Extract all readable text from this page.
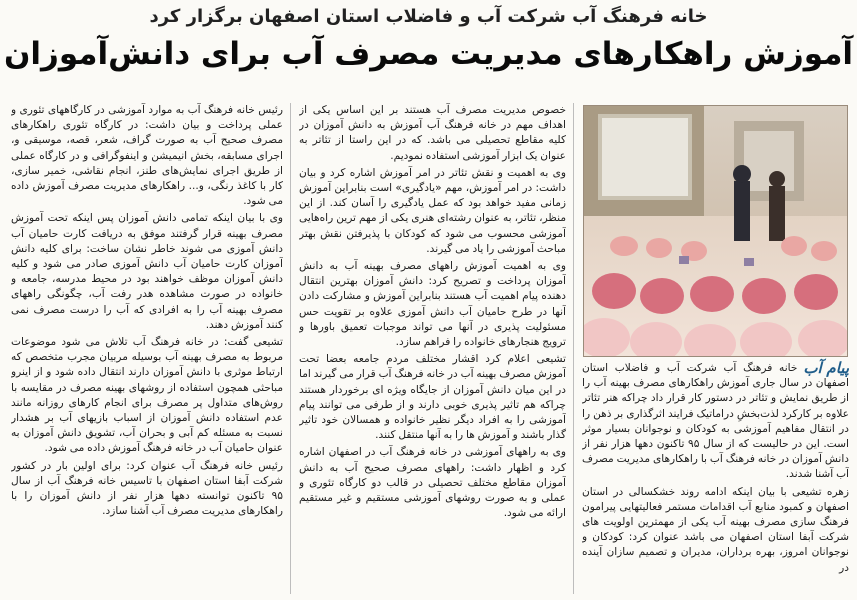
خانه فرهنگ آب شرکت آب و فاضلاب استان اصفهان برگزار کرد
آموزش راهکارهای مدیریت مصرف آب برای دانش‌آموزان

پیام آب
خانه فرهنگ آب شرکت آب و فاضلاب استان اصفهان در سال جاری آموزش راهکارهای مصرف بهینه آب را از طریق نمایش و تئاتر در دستور کار قرار داد چراکه هنر تئاتر علاوه بر کارکرد لذت‌بخشِ دراماتیک فرایند اثرگذاری بر ذهن را در انتقال مفاهیم آموزشی به کودکان و نوجوانان بسیار موثر است. این در حالیست که از سال ۹۵ تاکنون دهها هزار نفر از دانش آموزان در خانه فرهنگ آب با راهکارهای مدیریت مصرف آب آشنا شدند.

زهره تشیعی با بیان اینکه ادامه روند خشکسالی در استان اصفهان و کمبود منابع آب اقدامات مستمر فعالیتهایی پیرامون فرهنگ سازی مصرف بهینه آب یکی از مهمترین اولویت های شرکت آبفا استان اصفهان می باشد عنوان کرد: کودکان و نوجوانان امروز، بهره برداران، مدیران و تصمیم سازان آینده در

خصوص مدیریت مصرف آب هستند بر این اساس یکی از اهداف مهم در خانه فرهنگ آب آموزش به دانش آموزان در کلیه مقاطع تحصیلی می باشد. که در این راستا از تئاتر به عنوان یک ابزار آموزشی استفاده نمودیم.

وی به اهمیت و نقش تئاتر در امر آموزش اشاره کرد و بیان داشت: در امر آموزش، مهم «یادگیری» است بنابراین آموزش زمانی مفید خواهد بود که عمل یادگیری را آسان کند. از این منظر، تئاتر، به عنوان رشته‌ای هنری یکی از مهم ترین راه‌هایی آموزشی محسوب می شود که کودکان با پذیرفتن نقش بهتر مباحث آموزشی را یاد می گیرند.

وی به اهمیت آموزش راههای مصرف بهینه آب به دانش آموزان پرداخت و تصریح کرد: دانش آموزان بهترین انتقال دهنده پیام اهمیت آب هستند بنابراین آموزش و مشارکت دادن آنها در طرح حامیان آب دانش آموزی علاوه بر تقویت حس مسئولیت پذیری در آنها می تواند موجبات تعمیق باورها و ترویج هنجارهای خانواده را فراهم سازد.

تشیعی اعلام کرد اقشار مختلف مردم جامعه بعضا تحت آموزش مصرف بهینه آب در خانه فرهنگ آب قرار می گیرند اما در این میان دانش آموزان از جایگاه ویژه ای برخوردار هستند چراکه هم تاثیر پذیری خوبی دارند و از طرفی می توانند پیام آموزشی را به افراد دیگر نظیر خانواده و همسالان خود تاثیر گذار باشند و آموزش ها را به آنها منتقل کنند.

وی به راههای آموزشی در خانه فرهنگ آب در اصفهان اشاره کرد و اظهار داشت: راههای مصرف صحیح آب به دانش آموزان مقاطع مختلف تحصیلی در قالب دو کارگاه تئوری و عملی و به صورت روشهای آموزشی مستقیم و غیر مستقیم ارائه می شود.

رئیس خانه فرهنگ آب به موارد آموزشی در کارگاههای تئوری و عملی پرداخت و بیان داشت: در کارگاه تئوری راهکارهای مصرف صحیح آب به صورت گراف، شعر، قصه، موسیقی و، اجرای مسابقه، بخش انیمیشن و اینفوگرافی و در کارگاه عملی از طریق اجرای نمایش‌های طنز، انجام نقاشی، خمیر سازی، کار با کاغذ رنگی، و... راهکارهای مدیریت مصرف آموزش داده می شود.

وی با بیان اینکه تمامی دانش آموزان پس اینکه تحت آموزش مصرف بهینه قرار گرفتند موفق به دریافت کارت حامیان آب دانش آموزی می شوند خاطر نشان ساخت: برای کلیه دانش آموزان کارت حامیان آب دانش آموزی صادر می شود و کلیه دانش آموزان موظف خواهند بود در محیط مدرسه، جامعه و خانواده در صورت مشاهده هدر رفت آب، چگونگی راههای مصرف بهینه آب را به افرادی که آب را درست مصرف نمی کنند آموزش دهند.

تشیعی گفت: در خانه فرهنگ آب تلاش می شود موضوعات مربوط به مصرف بهینه آب بوسیله مربیان مجرب متخصص که ارتباط موثری با دانش آموزان دارند انتقال داده شود و از اینرو مباحثی همچون استفاده از روشهای بهینه مصرف در مقایسه با روش‌های متداول پر مصرف برای انجام کارهای روزانه مانند عدم استفاده دانش آموزان از اسباب بازیهای آب بر هشدار نسبت به مسئله کم آبی و بحران آب، تشویق دانش آموزان به عنوان حامیان آب در خانه فرهنگ آموزش داده می شود.

رئیس خانه فرهنگ آب عنوان کرد: برای اولین بار در کشور شرکت آبفا استان اصفهان با تاسیس خانه فرهنگ آب از سال ۹۵ تاکنون توانسته دهها هزار نفر از دانش آموزان را با راهکارهای مدیریت مصرف آب آشنا سازد.
